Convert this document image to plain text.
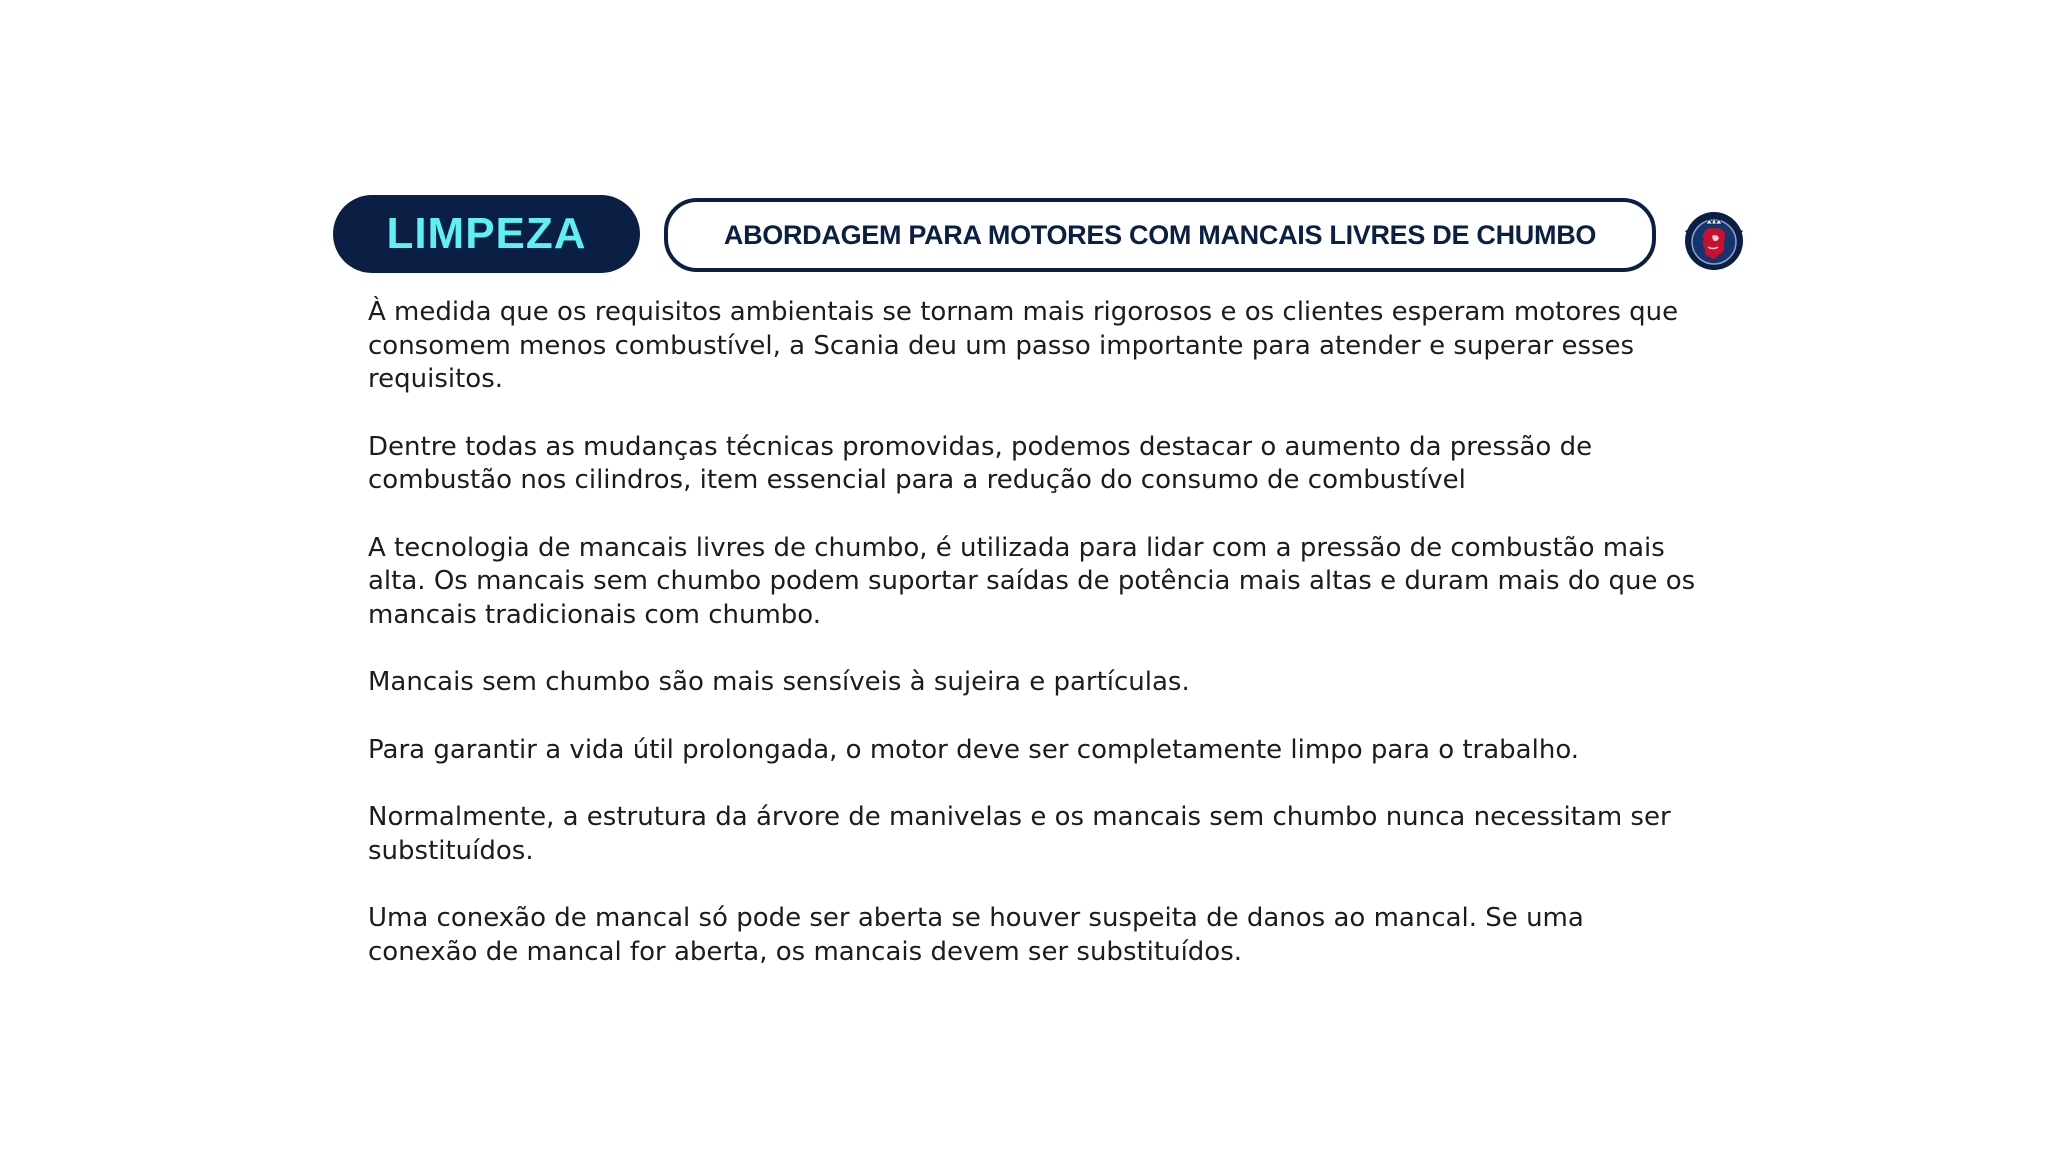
LIMPEZA	ABORDAGEM PARA MOTORES COM MANCAIS LIVRES DE CHUMBO

À medida que os requisitos ambientais se tornam mais rigorosos e os clientes esperam motores que consomem menos combustível, a Scania deu um passo importante para atender e superar esses requisitos.

Dentre todas as mudanças técnicas promovidas, podemos destacar o aumento da pressão de combustão nos cilindros, item essencial para a redução do consumo de combustível

A tecnologia de mancais livres de chumbo, é utilizada para lidar com a pressão de combustão mais alta. Os mancais sem chumbo podem suportar saídas de potência mais altas e duram mais do que os mancais tradicionais com chumbo.

Mancais sem chumbo são mais sensíveis à sujeira e partículas.

Para garantir a vida útil prolongada, o motor deve ser completamente limpo para o trabalho.

Normalmente, a estrutura da árvore de manivelas e os mancais sem chumbo nunca necessitam ser substituídos.

Uma conexão de mancal só pode ser aberta se houver suspeita de danos ao mancal. Se uma conexão de mancal for aberta, os mancais devem ser substituídos.
